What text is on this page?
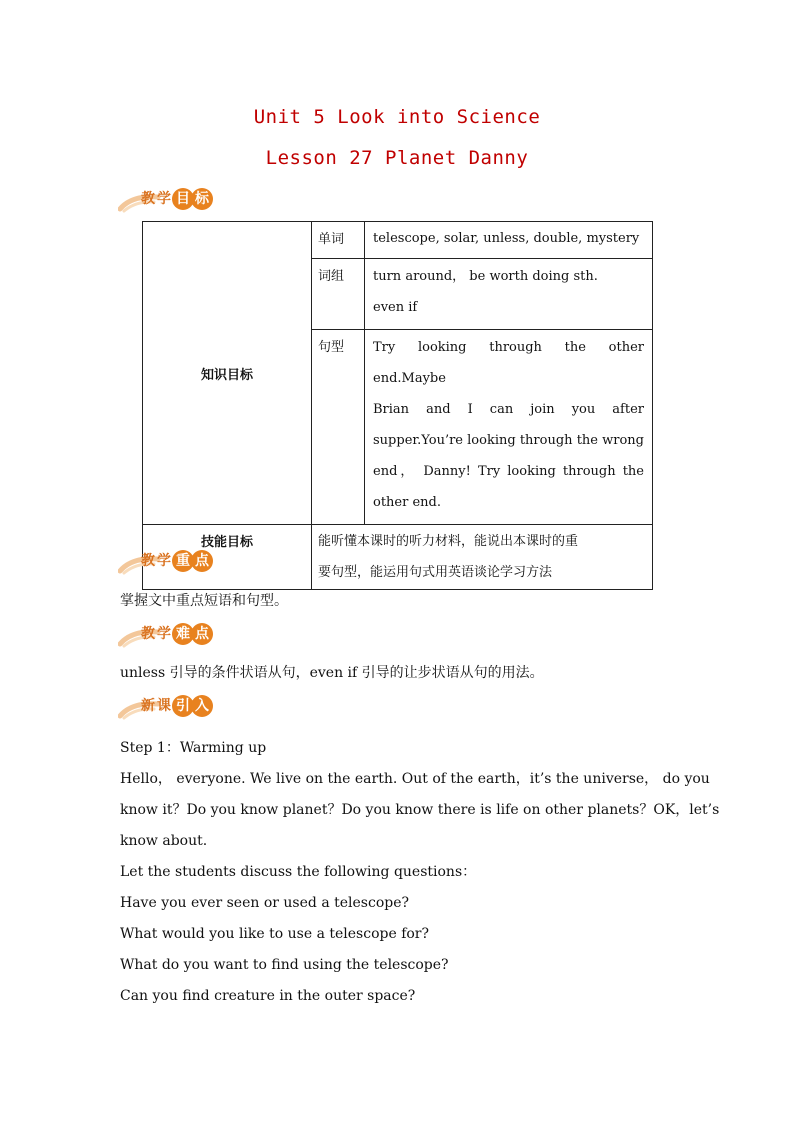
Unit 5 Look into Science
Lesson 27 Planet Danny
教 学 目 标
知识目标	单词	telescope, solar, unless, double, mystery
	词组	turn around， be worth doing sth.
even if

	句型	Try looking through the other end.Maybe
Brian and I can join you after
supper.You’re looking through the wrong
end， Danny! Try looking through the
other end.

技能目标	能听懂本课时的听力材料，能说出本课时的重
要句型，能运用句式用英语谈论学习方法	
教 学 重 点
掌握文中重点短语和句型。
教 学 难 点
unless 引导的条件状语从句，even if 引导的让步状语从句的用法。
新 课 引 入
Step 1：Warming up
Hello， everyone. We live on the earth. Out of the earth，it’s the universe， do you
know it？Do you know planet？Do you know there is life on other planets？OK，let’s
know about.
Let the students discuss the following questions：
Have you ever seen or used a telescope?
What would you like to use a telescope for?
What do you want to find using the telescope?
Can you find creature in the outer space?
